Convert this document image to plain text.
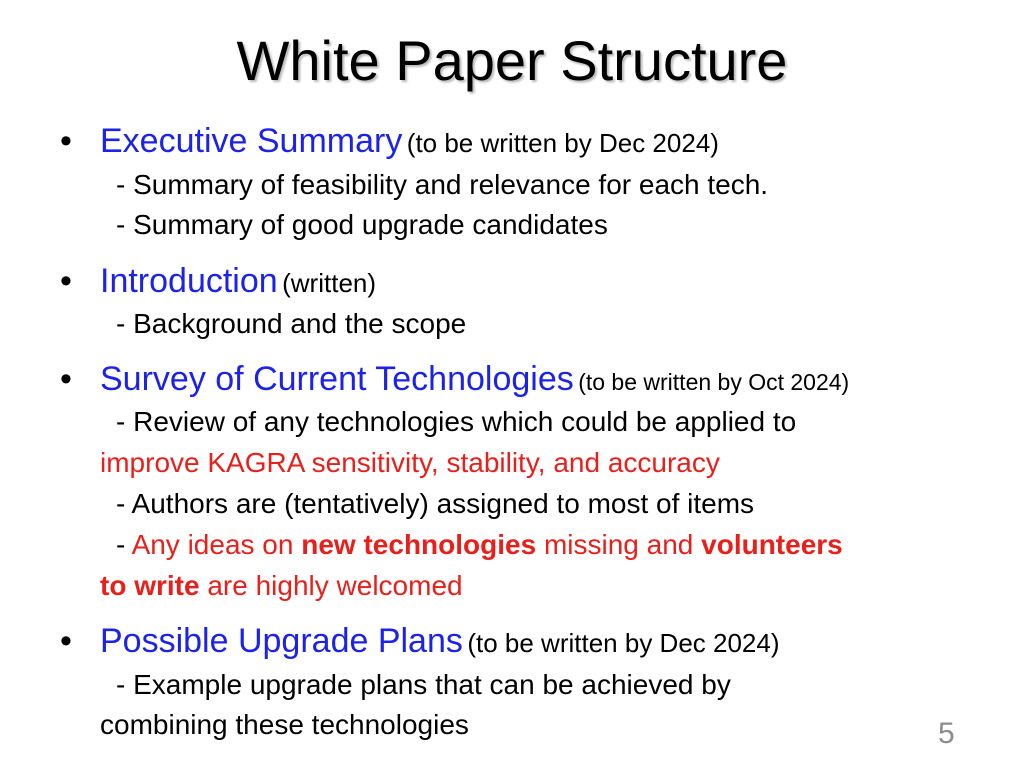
White Paper Structure
• Executive Summary (to be written by Dec 2024)
- Summary of feasibility and relevance for each tech.
- Summary of good upgrade candidates
• Introduction (written)
- Background and the scope
• Survey of Current Technologies (to be written by Oct 2024)
- Review of any technologies which could be applied to
improve KAGRA sensitivity, stability, and accuracy
- Authors are (tentatively) assigned to most of items
- Any ideas on new technologies missing and volunteers
to write are highly welcomed
• Possible Upgrade Plans (to be written by Dec 2024)
- Example upgrade plans that can be achieved by
combining these technologies	5
